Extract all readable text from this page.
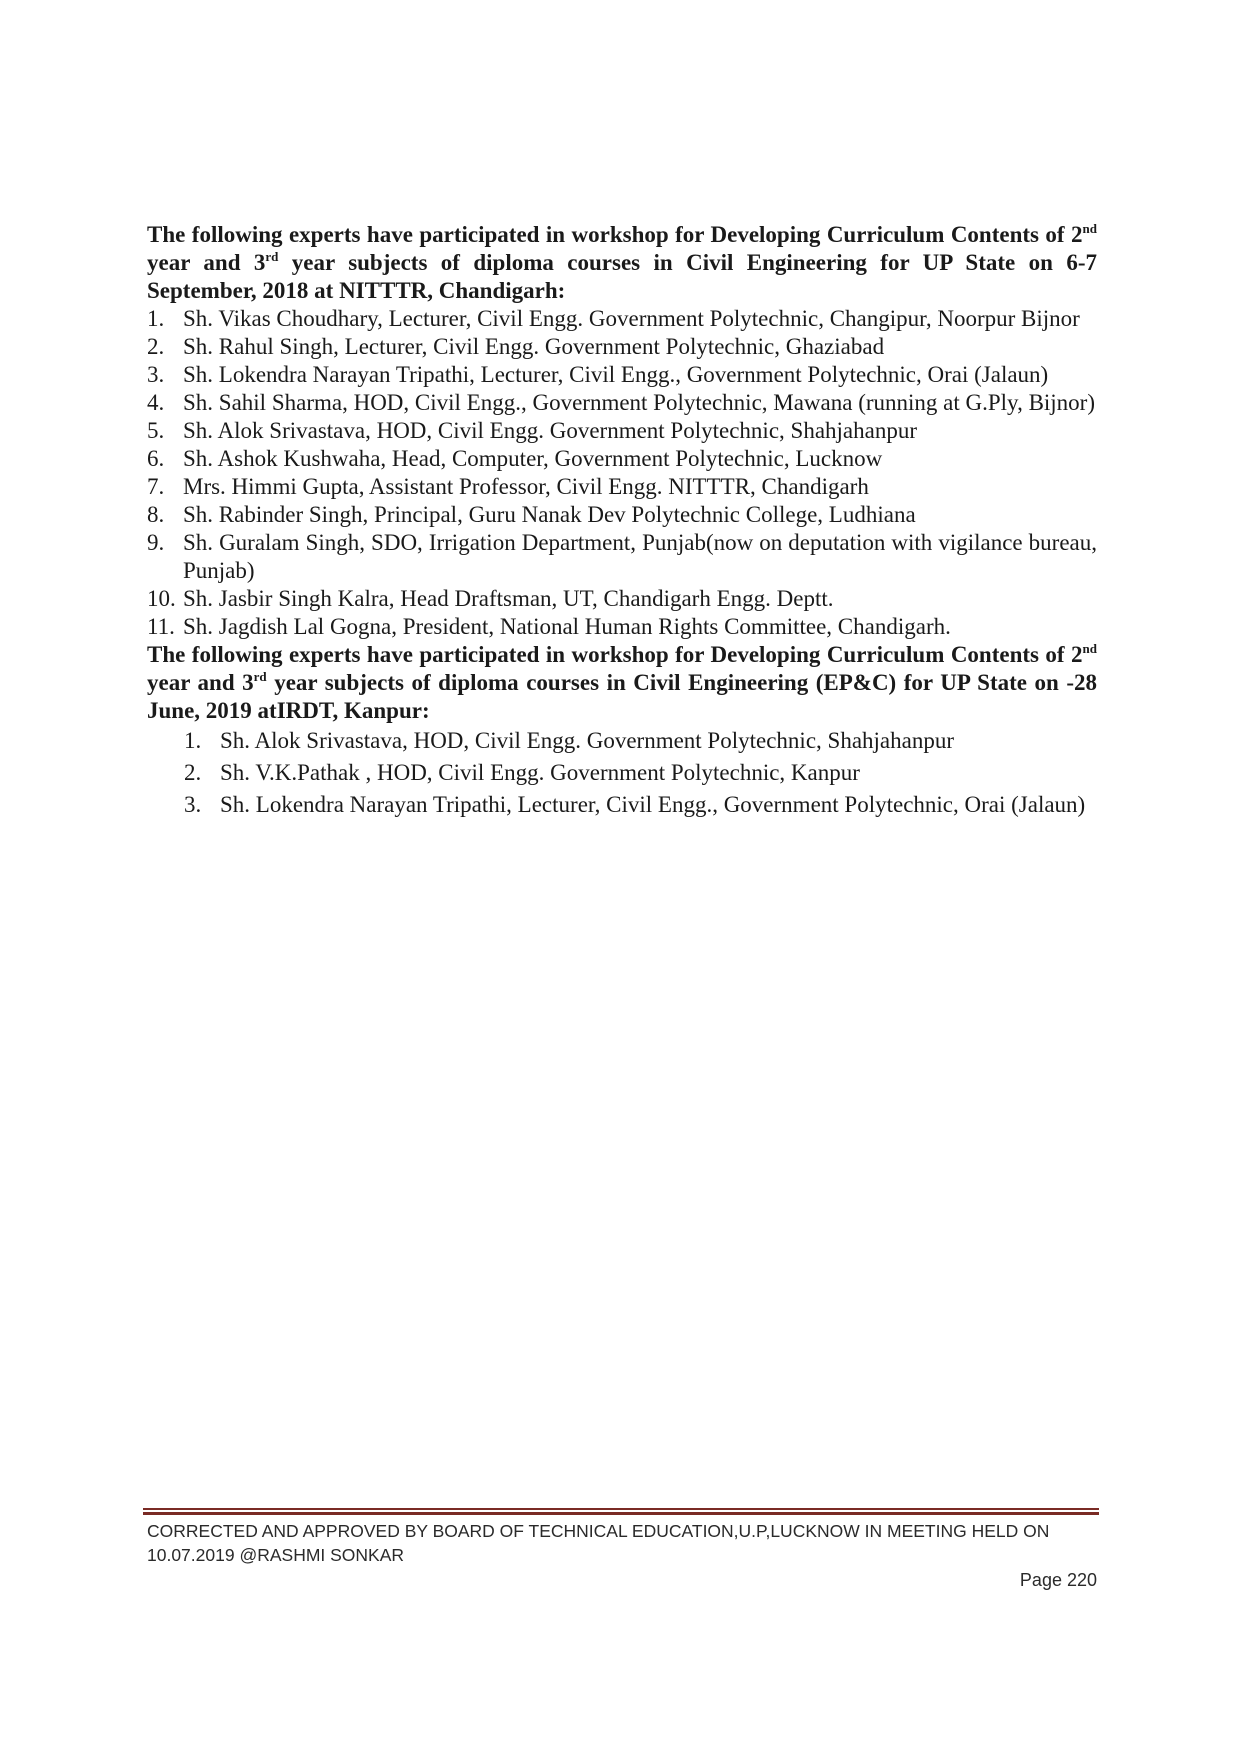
The following experts have participated in workshop for Developing Curriculum Contents of 2nd year and 3rd year subjects of diploma courses in Civil Engineering for UP State on 6-7 September, 2018 at NITTTR, Chandigarh:

1. Sh. Vikas Choudhary, Lecturer, Civil Engg. Government Polytechnic, Changipur, Noorpur Bijnor
2. Sh. Rahul Singh, Lecturer, Civil Engg. Government Polytechnic, Ghaziabad
3. Sh. Lokendra Narayan Tripathi, Lecturer, Civil Engg., Government Polytechnic, Orai (Jalaun)
4. Sh. Sahil Sharma, HOD, Civil Engg., Government Polytechnic, Mawana (running at G.Ply, Bijnor)
5. Sh. Alok Srivastava, HOD, Civil Engg. Government Polytechnic, Shahjahanpur
6. Sh. Ashok Kushwaha, Head, Computer, Government Polytechnic, Lucknow
7. Mrs. Himmi Gupta, Assistant Professor, Civil Engg. NITTTR, Chandigarh
8. Sh. Rabinder Singh, Principal, Guru Nanak Dev Polytechnic College, Ludhiana
9. Sh. Guralam Singh, SDO, Irrigation Department, Punjab(now on deputation with vigilance bureau, Punjab)
10. Sh. Jasbir Singh Kalra, Head Draftsman, UT, Chandigarh Engg. Deptt.
11. Sh. Jagdish Lal Gogna, President, National Human Rights Committee, Chandigarh.

The following experts have participated in workshop for Developing Curriculum Contents of 2nd year and 3rd year subjects of diploma courses in Civil Engineering (EP&C) for UP State on -28 June, 2019 atIRDT, Kanpur:

1. Sh. Alok Srivastava, HOD, Civil Engg. Government Polytechnic, Shahjahanpur
2. Sh. V.K.Pathak , HOD, Civil Engg. Government Polytechnic, Kanpur
3. Sh. Lokendra Narayan Tripathi, Lecturer, Civil Engg., Government Polytechnic, Orai (Jalaun)
CORRECTED AND APPROVED BY BOARD OF TECHNICAL EDUCATION,U.P,LUCKNOW IN MEETING HELD ON 10.07.2019 @RASHMI SONKAR
Page 220
